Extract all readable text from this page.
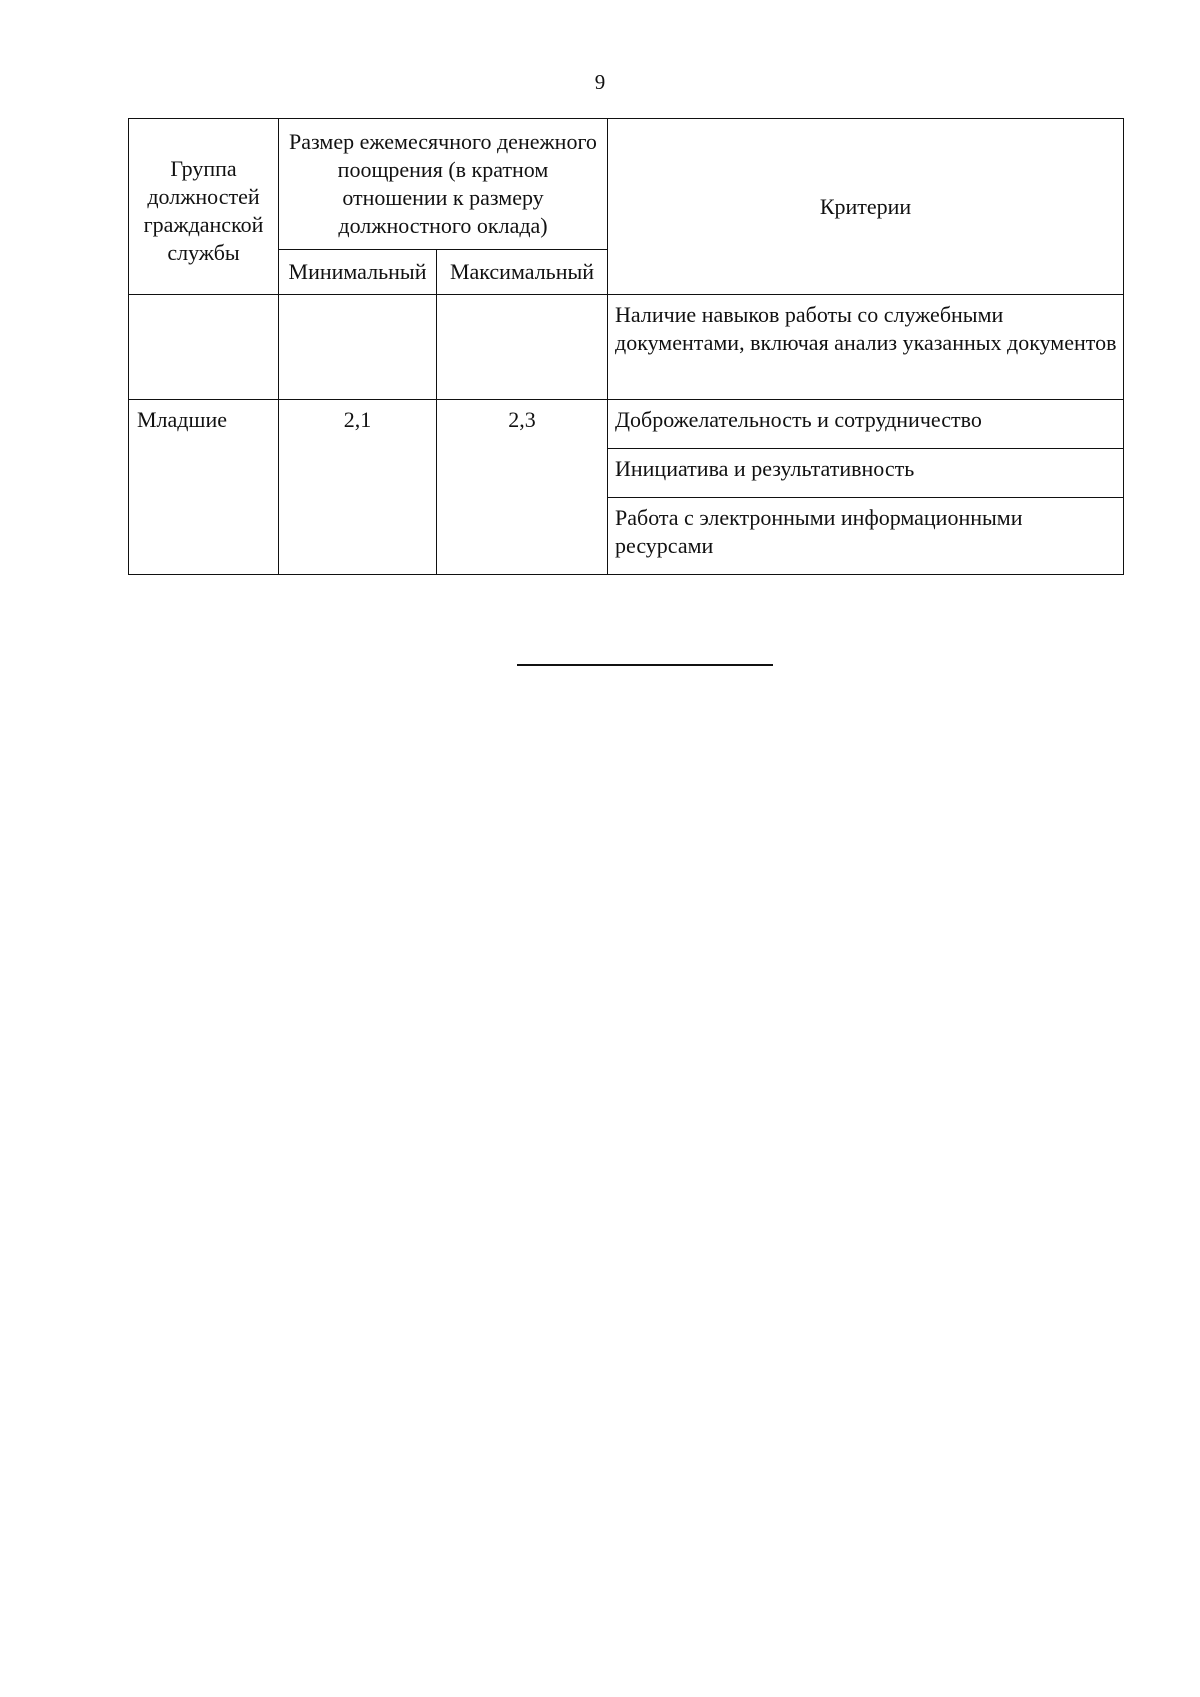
9
Группа должностей гражданской службы	Размер ежемесячного денежного поощрения (в кратном отношении к размеру должностного оклада)		Критерии
	Минимальный	Максимальный	
			Наличие навыков работы со служебными документами, включая анализ указанных документов
Младшие	2,1	2,3	Доброжелательность и сотрудничество
			Инициатива и результативность
			Работа с электронными информационными ресурсами
